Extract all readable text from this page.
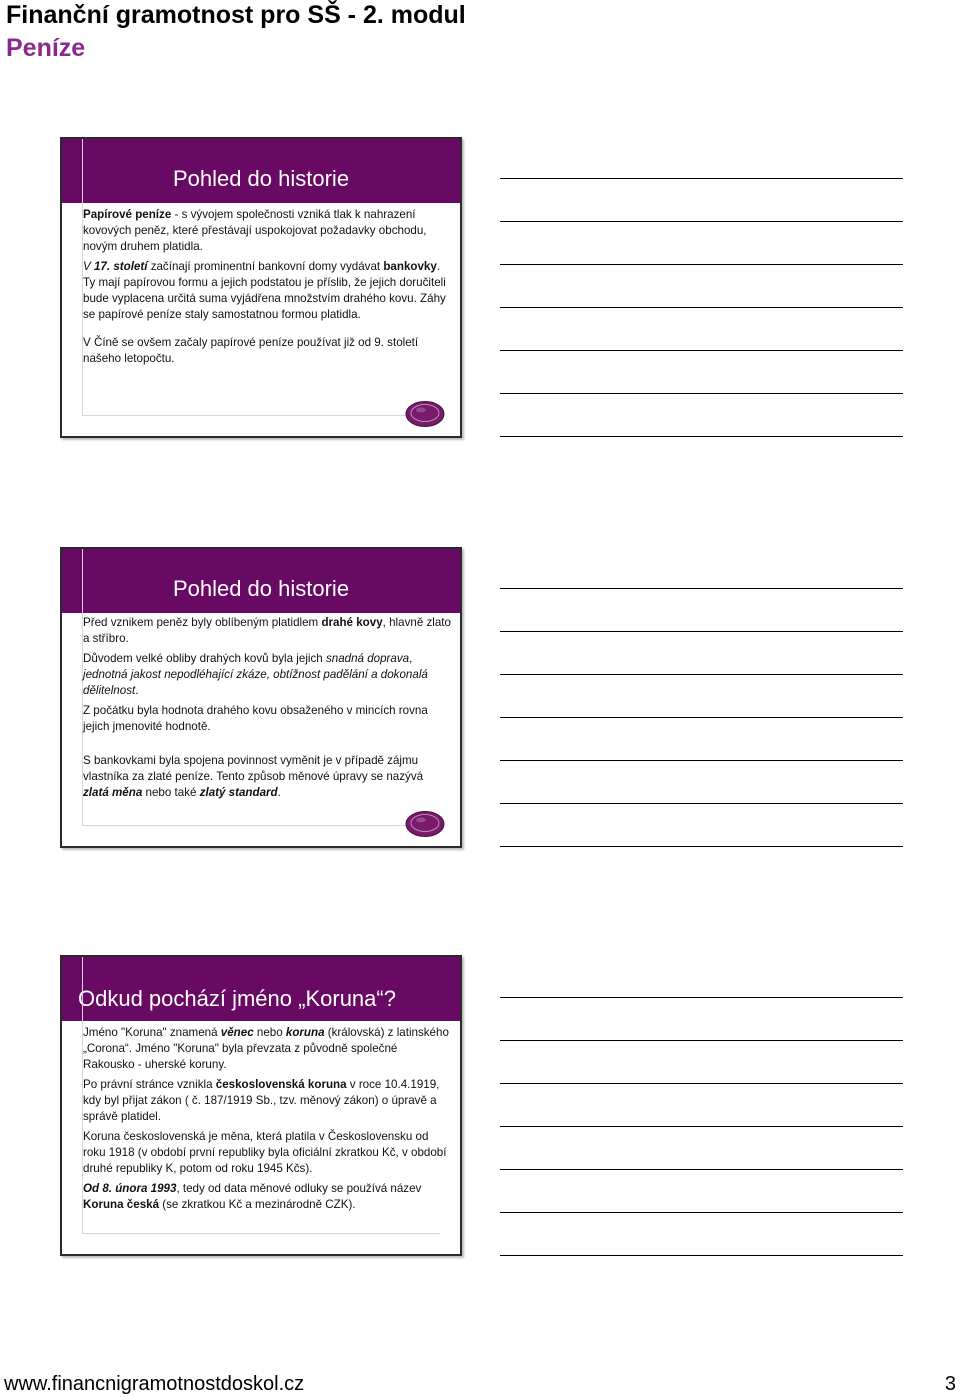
Finanční gramotnost pro SŠ - 2. modul
Peníze
Pohled do historie

Papírové peníze - s vývojem společnosti vzniká tlak k nahrazení kovových peněz, které přestávají uspokojovat požadavky obchodu, novým druhem platidla.

V 17. století začínají prominentní bankovní domy vydávat bankovky. Ty mají papírovou formu a jejich podstatou je příslib, že jejich doručiteli bude vyplacena určitá suma vyjádřena množstvím drahého kovu. Záhy se papírové peníze staly samostatnou formou platidla.

V Číně se ovšem začaly papírové peníze používat již od 9. století našeho letopočtu.

Pohled do historie

Před vznikem peněz byly oblíbeným platidlem drahé kovy, hlavně zlato a stříbro.

Důvodem velké obliby drahých kovů byla jejich snadná doprava, jednotná jakost nepodléhající zkáze, obtížnost padělání a dokonalá dělitelnost.

Z počátku byla hodnota drahého kovu obsaženého v mincích rovna jejich jmenovité hodnotě.

S bankovkami byla spojena povinnost vyměnit je v případě zájmu vlastníka za zlaté peníze. Tento způsob měnové úpravy se nazývá zlatá měna nebo také zlatý standard.

Odkud pochází jméno „Koruna“?

Jméno "Koruna" znamená věnec nebo koruna (královská) z latinského „Corona“. Jméno "Koruna" byla převzata z původně společné Rakousko - uherské koruny.

Po právní stránce vznikla československá koruna v roce 10.4.1919, kdy byl přijat zákon ( č. 187/1919 Sb., tzv. měnový zákon) o úpravě a správě platidel.

Koruna československá je měna, která platila v Československu od roku 1918 (v období první republiky byla oficiální zkratkou Kč, v období druhé republiky K, potom od roku 1945 Kčs).

Od 8. února 1993, tedy od data měnové odluky se používá název Koruna česká (se zkratkou Kč a mezinárodně CZK).

www.financnigramotnostdoskol.cz	3
